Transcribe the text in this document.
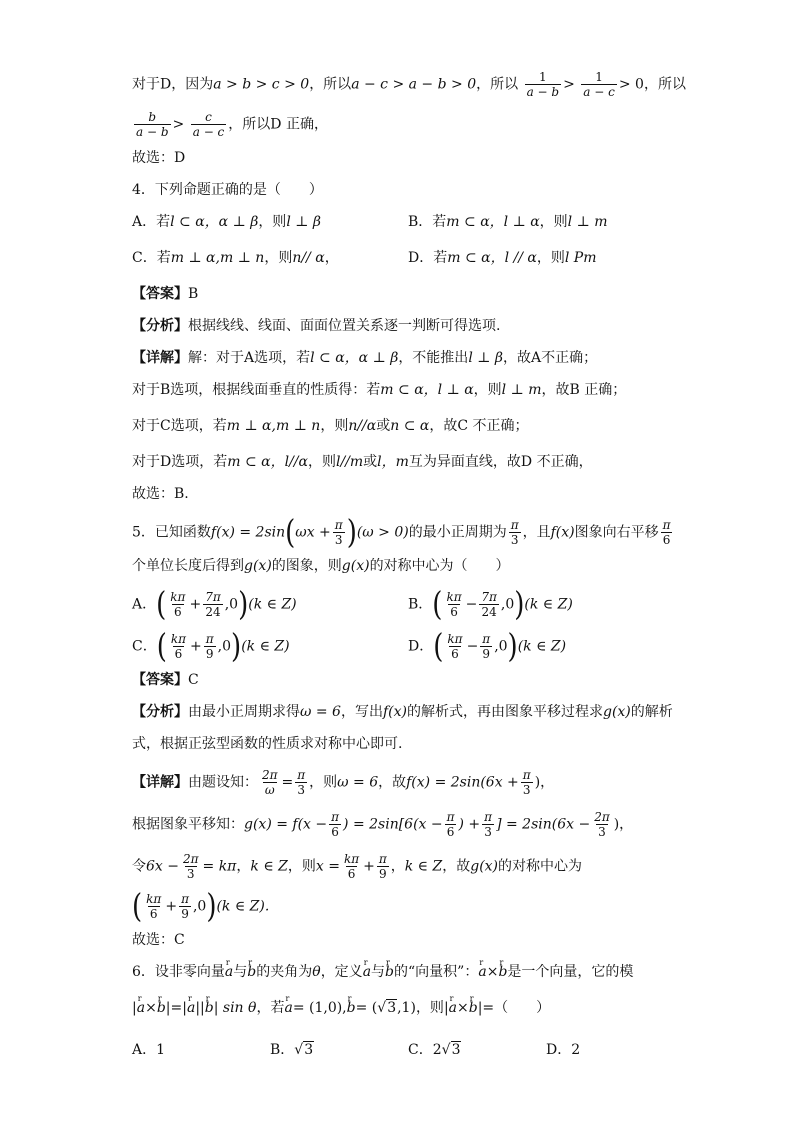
对于D，因为a > b > c > 0，所以a − c > a − b > 0，所以 $\frac{1}{a - b} > \frac{1}{a - c} > 0$，所以
$\frac{b}{a - b} > \frac{c}{a - c}$ ，所以D 正确，
故选：D
4．下列命题正确的是（　　）
A．若l ⊂ α，α ⊥ β，则l ⊥ β	B．若m ⊂ α，l ⊥ α，则l ⊥ m
C．若m ⊥ α,m ⊥ n，则n// α，	D．若m ⊂ α，l // α，则l Pm
【答案】B
【分析】根据线线、线面、面面位置关系逐一判断可得选项.
【详解】解：对于A选项，若l ⊂ α，α ⊥ β，不能推出l ⊥ β，故A不正确；
对于B选项，根据线面垂直的性质得：若m ⊂ α，l ⊥ α，则l ⊥ m，故B 正确；
对于C选项，若m ⊥ α,m ⊥ n，则n//α或n ⊂ α，故C 不正确；
对于D选项，若m ⊂ α，l//α，则l//m或l，m互为异面直线，故D 不正确，
故选：B.
5．已知函数$f(x) = 2\sin(\omega x + \frac{\pi}{3} )(\omega > 0)$的最小正周期为 $\frac{\pi}{3}$ ，且f(x)图象向右平移 $\frac{\pi}{6}$
个单位长度后得到g(x)的图象，则g(x)的对称中心为（　　）
A．( $\frac{k\pi}{6} + \frac{7\pi}{24} ,0)(k$ ∈ Z)	B．( $\frac{k\pi}{6} - \frac{7\pi}{24} ,0)(k$ ∈ Z)
C．( $\frac{k\pi}{6} + \frac{\pi}{9} ,0)(k$ ∈ Z)	D．( $\frac{k\pi}{6} - \frac{\pi}{9} ,0)(k$ ∈ Z)
【答案】C
【分析】由最小正周期求得ω = 6，写出f(x)的解析式，再由图象平移过程求g(x)的解析
式，根据正弦型函数的性质求对称中心即可.
【详解】由题设知： $\frac{2\pi}{\omega} = \frac{\pi}{3}$ ，则ω = 6，故$f(x) = 2\sin(6x + \frac{\pi}{3}$ )，
根据图象平移知：$g(x) = f(x - \frac{\pi}{6}$ ) = $2\sin[6(x - \frac{\pi}{6}$ ) + $\frac{\pi}{3}$ ] = $2\sin(6x - \frac{2\pi}{3}$ )，
令$6x - \frac{2\pi}{3} = k\pi$，k ∈ Z，则$x = \frac{k\pi}{6} + \frac{\pi}{9}$ ，k ∈ Z，故g(x)的对称中心为
( $\frac{k\pi}{6} + \frac{\pi}{9} ,0)(k$ ∈ Z).
故选：C
6．设非零向量r a与r b的夹角为θ，定义r a与r b的“向量积”：r a×r b是一个向量，它的模
|r a×r b|=|r a||r b| sin θ，若r a= (1,0),r b= (√3,1)，则|r a×r b|=（　　）
A．1	B．√3	C．2√3	D．2
